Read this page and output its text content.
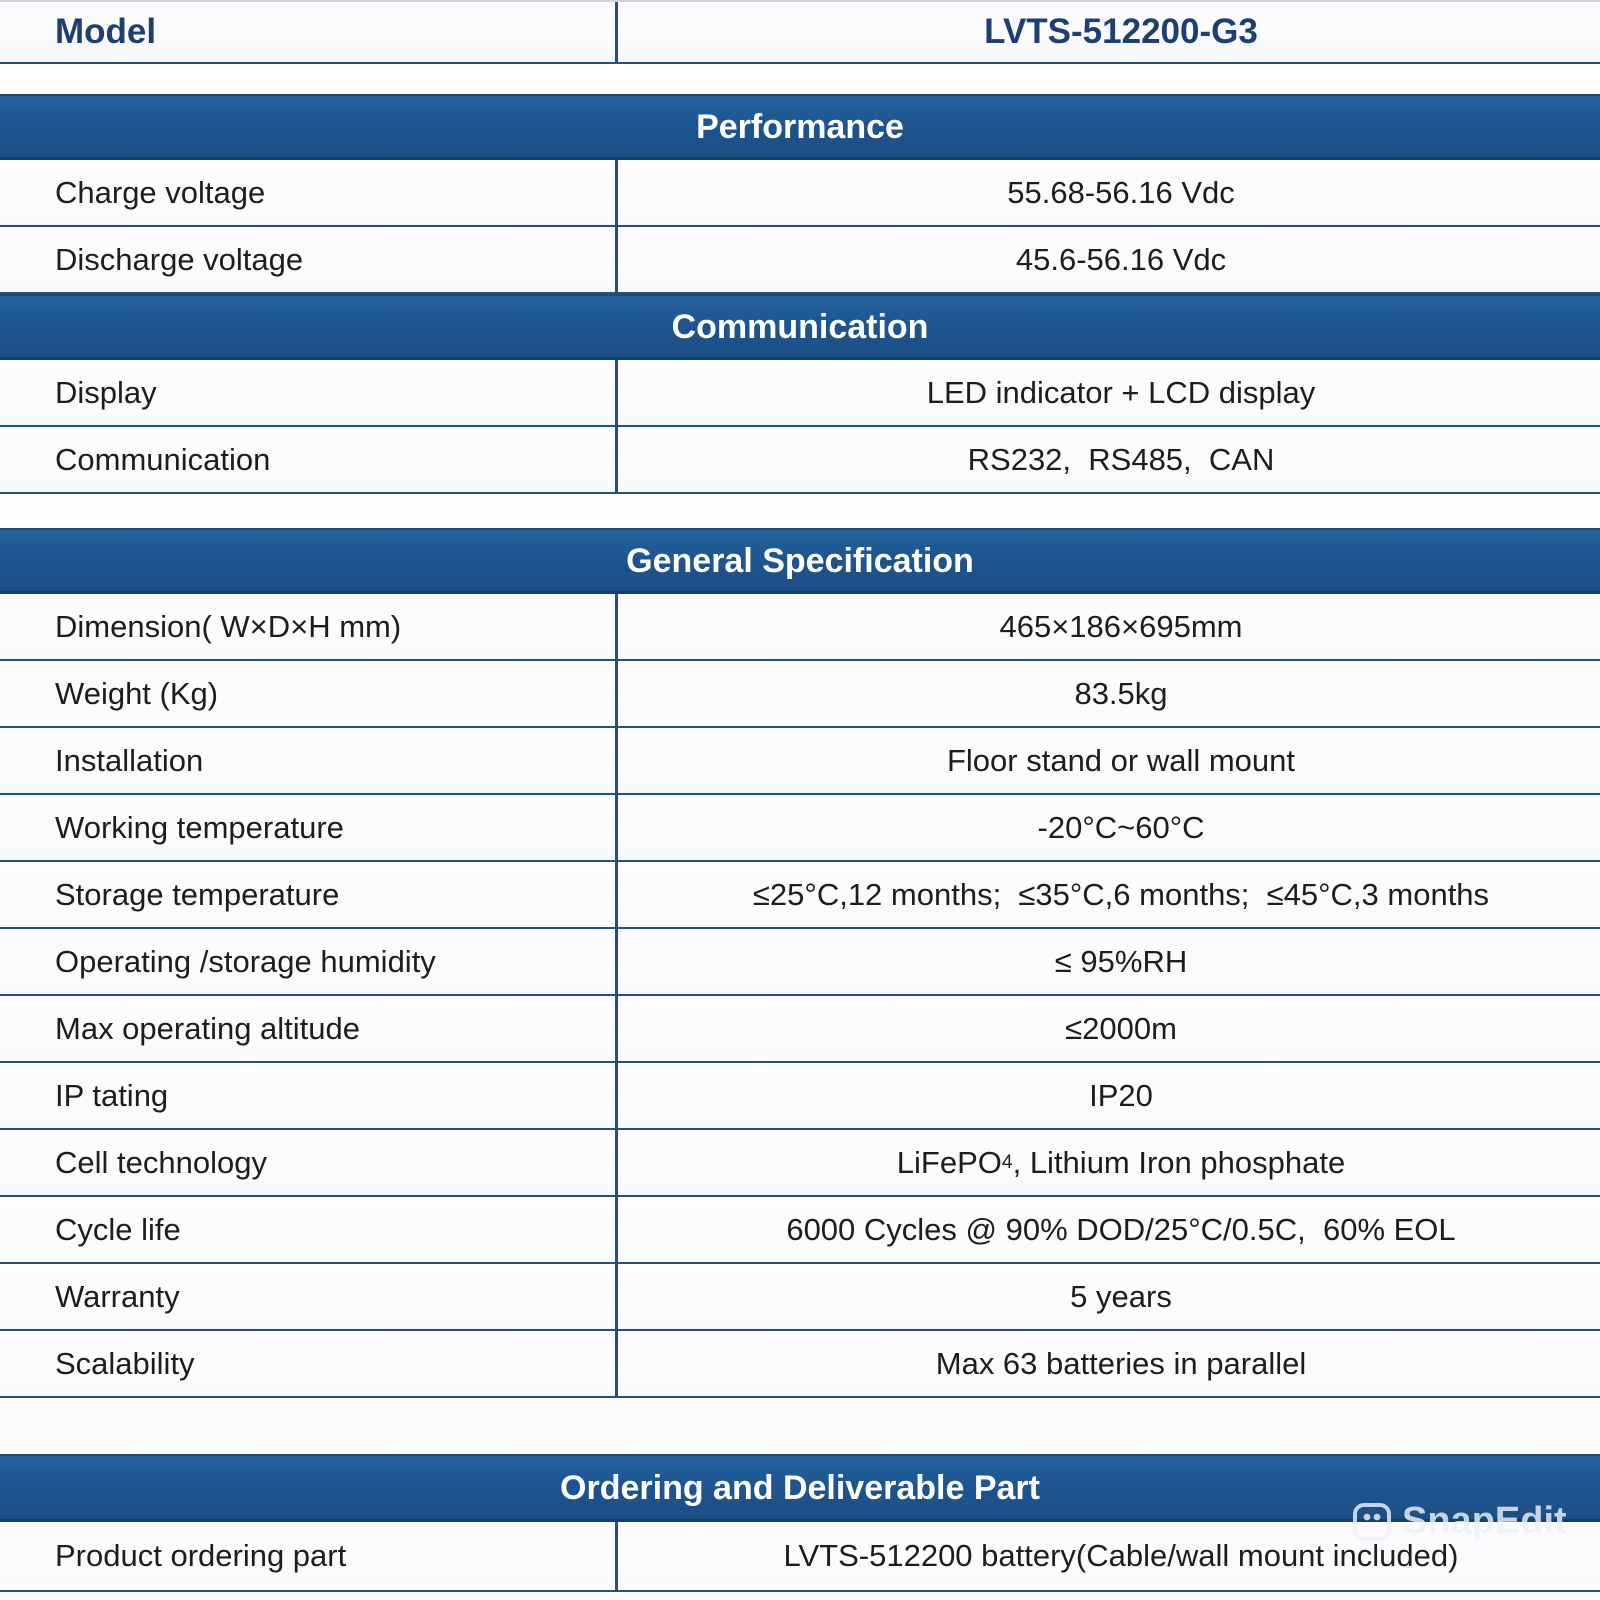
Model	LVTS-512200-G3
Performance
Charge voltage	55.68-56.16 Vdc
Discharge voltage	45.6-56.16 Vdc
Communication
Display	LED indicator + LCD display
Communication	RS232,  RS485,  CAN
General Specification
Dimension( W×D×H mm)	465×186×695mm
Weight (Kg)	83.5kg
Installation	Floor stand or wall mount
Working temperature	-20°C~60°C
Storage temperature	≤25°C,12 months;  ≤35°C,6 months;  ≤45°C,3 months
Operating /storage humidity	≤ 95%RH
Max operating altitude	≤2000m
IP tating	IP20
Cell technology	LiFePO 4 , Lithium Iron phosphate
Cycle life	6000 Cycles @ 90% DOD/25°C/0.5C,  60% EOL
Warranty	5 years
Scalability	Max 63 batteries in parallel
Ordering and Deliverable Part
Product ordering part	LVTS-512200 battery(Cable/wall mount included)
SnapEdit
